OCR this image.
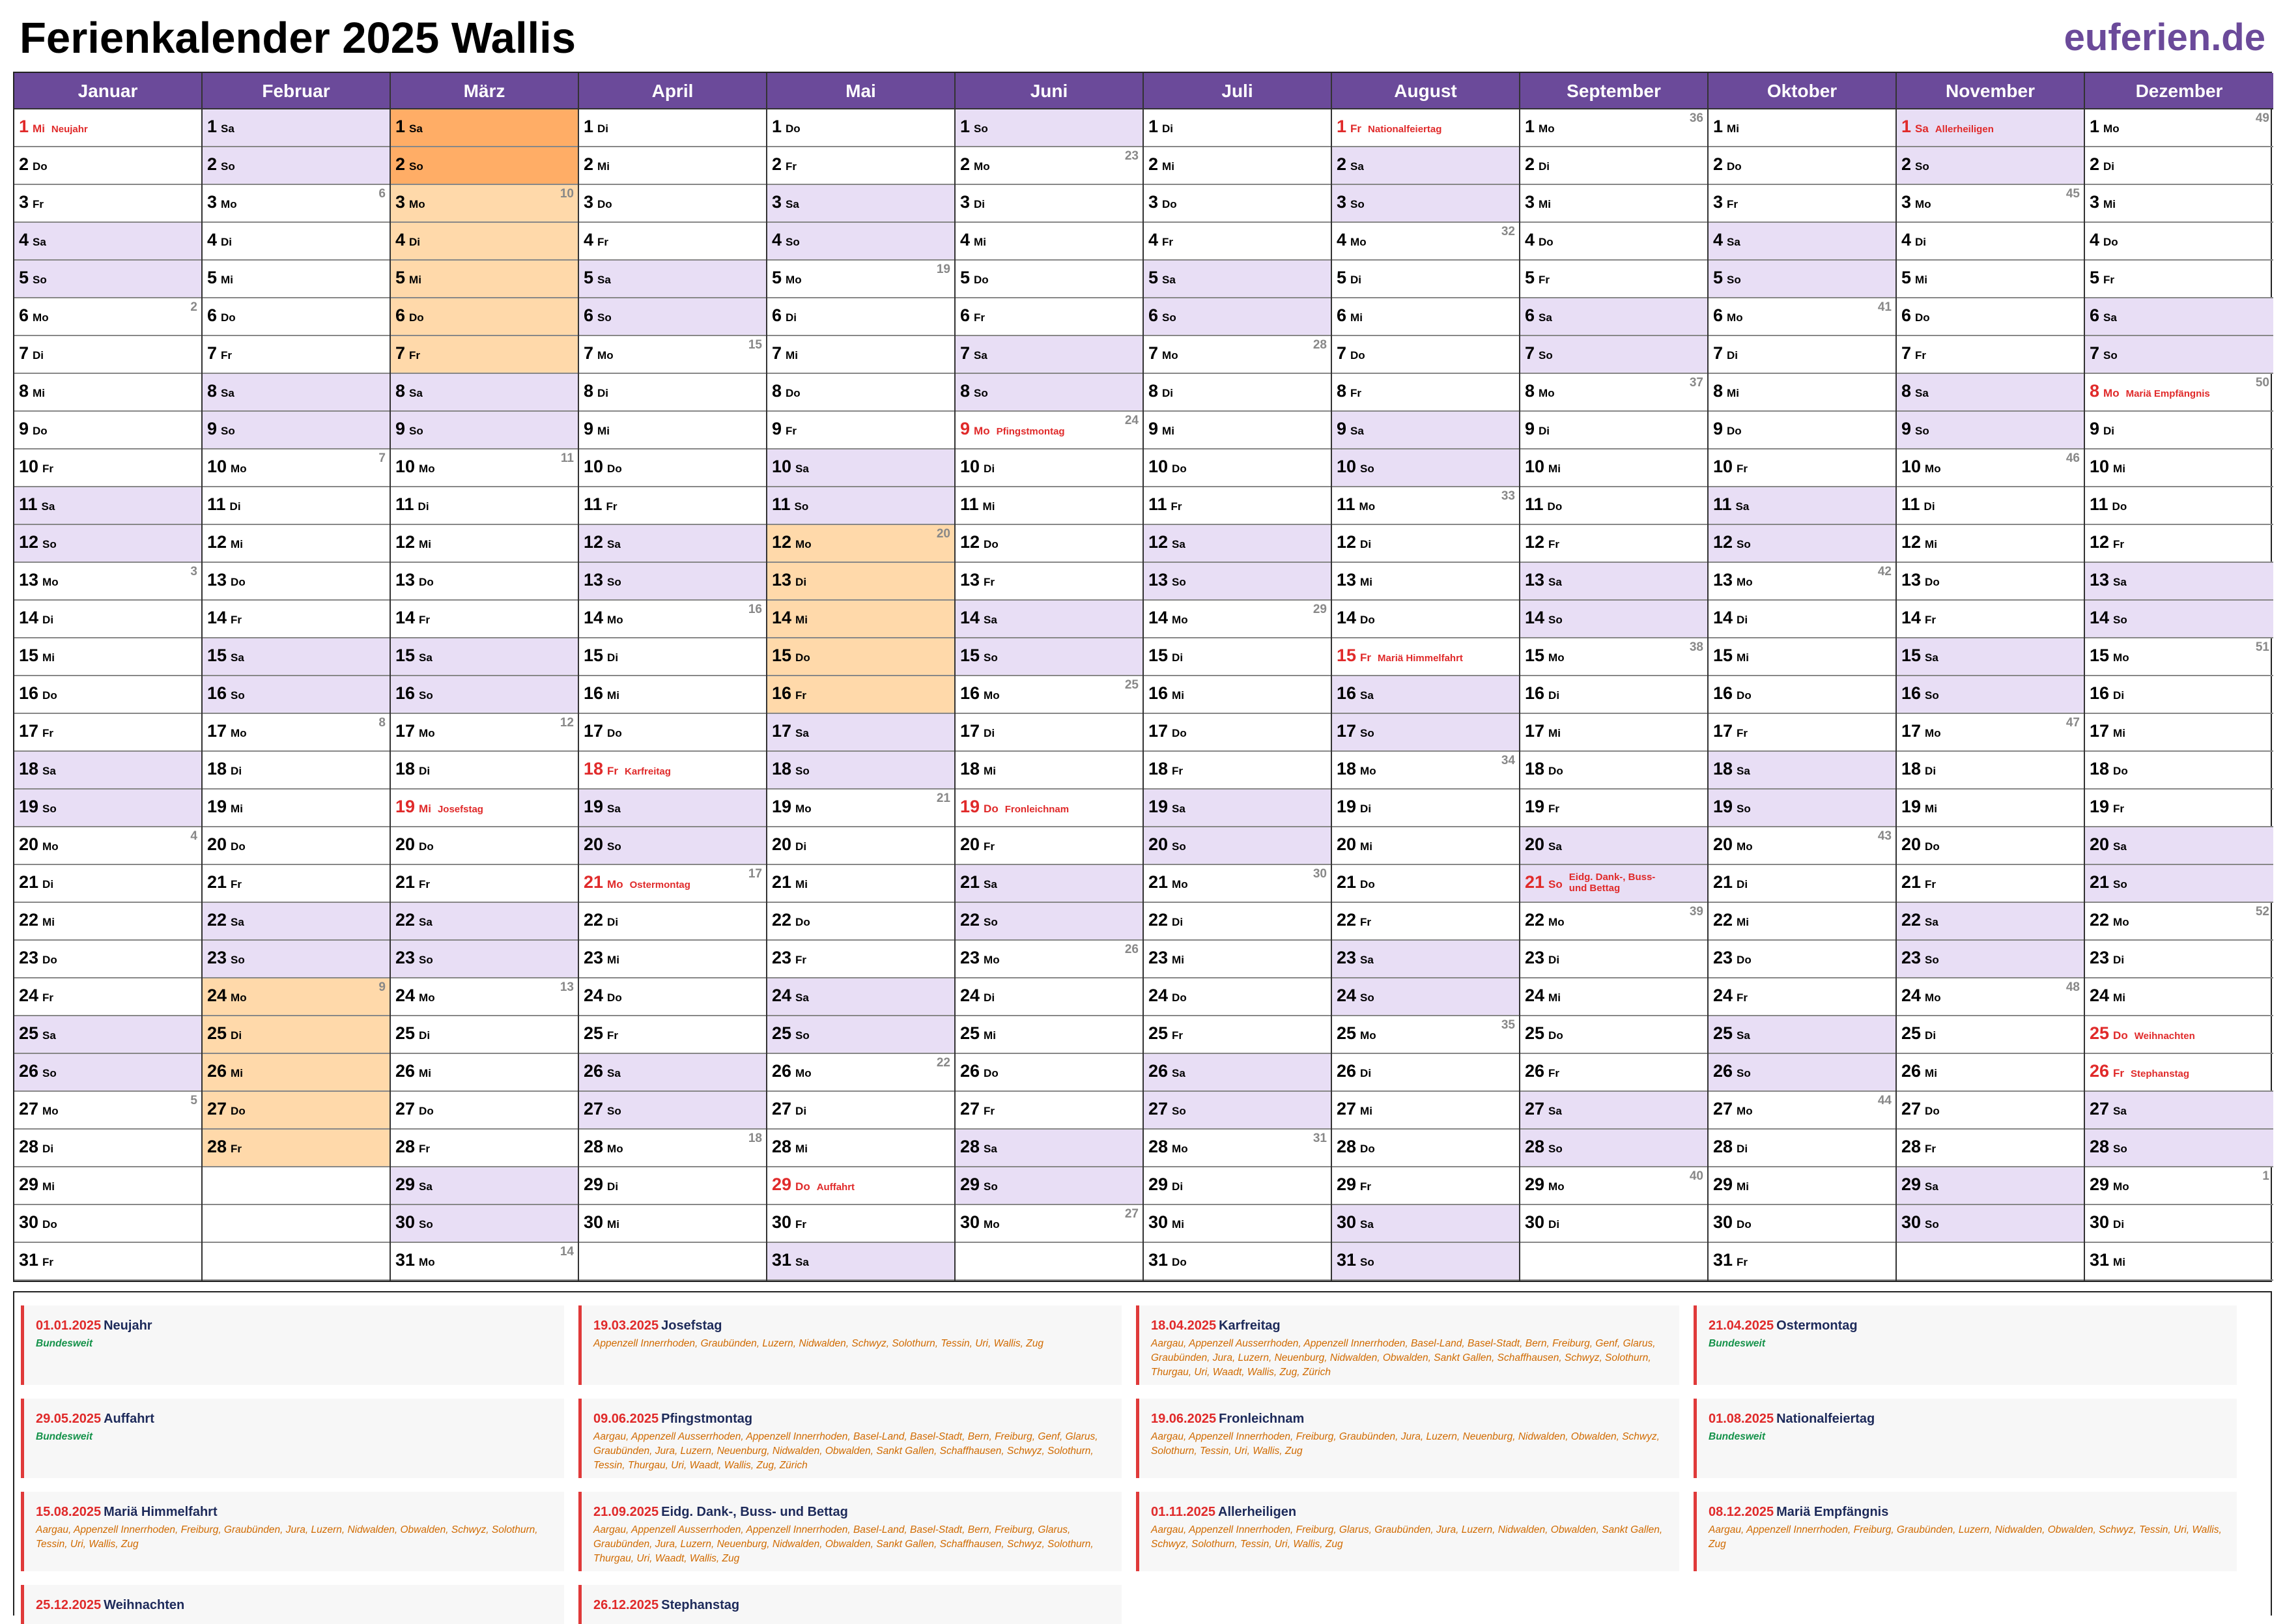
Ferienkalender 2025 Wallis	euferien.de
Januar
1 Mi Neujahr
2 Do
3 Fr
4 Sa
5 So
6 Mo
2
7 Di
8 Mi
9 Do
10 Fr
11 Sa
12 So
13 Mo
3
14 Di
15 Mi
16 Do
17 Fr
18 Sa
19 So
20 Mo
4
21 Di
22 Mi
23 Do
24 Fr
25 Sa
26 So
27 Mo
5
28 Di
29 Mi
30 Do
31 Fr
Februar
1 Sa
2 So
3 Mo
6
4 Di
5 Mi
6 Do
7 Fr
8 Sa
9 So
10 Mo
7
11 Di
12 Mi
13 Do
14 Fr
15 Sa
16 So
17 Mo
8
18 Di
19 Mi
20 Do
21 Fr
22 Sa
23 So
24 Mo
9
25 Di
26 Mi
27 Do
28 Fr
März
1 Sa
2 So
3 Mo
10
4 Di
5 Mi
6 Do
7 Fr
8 Sa
9 So
10 Mo
11
11 Di
12 Mi
13 Do
14 Fr
15 Sa
16 So
17 Mo
12
18 Di
19 Mi Josefstag
20 Do
21 Fr
22 Sa
23 So
24 Mo
13
25 Di
26 Mi
27 Do
28 Fr
29 Sa
30 So
31 Mo
14
April
1 Di
2 Mi
3 Do
4 Fr
5 Sa
6 So
7 Mo
15
8 Di
9 Mi
10 Do
11 Fr
12 Sa
13 So
14 Mo
16
15 Di
16 Mi
17 Do
18 Fr Karfreitag
19 Sa
20 So
21 Mo Ostermontag
17
22 Di
23 Mi
24 Do
25 Fr
26 Sa
27 So
28 Mo
18
29 Di
30 Mi
Mai
1 Do
2 Fr
3 Sa
4 So
5 Mo
19
6 Di
7 Mi
8 Do
9 Fr
10 Sa
11 So
12 Mo
20
13 Di
14 Mi
15 Do
16 Fr
17 Sa
18 So
19 Mo
21
20 Di
21 Mi
22 Do
23 Fr
24 Sa
25 So
26 Mo
22
27 Di
28 Mi
29 Do Auffahrt
30 Fr
31 Sa
Juni
1 So
2 Mo
23
3 Di
4 Mi
5 Do
6 Fr
7 Sa
8 So
9 Mo Pfingstmontag
24
10 Di
11 Mi
12 Do
13 Fr
14 Sa
15 So
16 Mo
25
17 Di
18 Mi
19 Do Fronleichnam
20 Fr
21 Sa
22 So
23 Mo
26
24 Di
25 Mi
26 Do
27 Fr
28 Sa
29 So
30 Mo
27
Juli
1 Di
2 Mi
3 Do
4 Fr
5 Sa
6 So
7 Mo
28
8 Di
9 Mi
10 Do
11 Fr
12 Sa
13 So
14 Mo
29
15 Di
16 Mi
17 Do
18 Fr
19 Sa
20 So
21 Mo
30
22 Di
23 Mi
24 Do
25 Fr
26 Sa
27 So
28 Mo
31
29 Di
30 Mi
31 Do
August
1 Fr Nationalfeiertag
2 Sa
3 So
4 Mo
32
5 Di
6 Mi
7 Do
8 Fr
9 Sa
10 So
11 Mo
33
12 Di
13 Mi
14 Do
15 Fr Mariä Himmelfahrt
16 Sa
17 So
18 Mo
34
19 Di
20 Mi
21 Do
22 Fr
23 Sa
24 So
25 Mo
35
26 Di
27 Mi
28 Do
29 Fr
30 Sa
31 So
September
1 Mo
36
2 Di
3 Mi
4 Do
5 Fr
6 Sa
7 So
8 Mo
37
9 Di
10 Mi
11 Do
12 Fr
13 Sa
14 So
15 Mo
38
16 Di
17 Mi
18 Do
19 Fr
20 Sa
21 SoEidg. Dank-, Buss- und Bettag
22 Mo
39
23 Di
24 Mi
25 Do
26 Fr
27 Sa
28 So
29 Mo
40
30 Di
Oktober
1 Mi
2 Do
3 Fr
4 Sa
5 So
6 Mo
41
7 Di
8 Mi
9 Do
10 Fr
11 Sa
12 So
13 Mo
42
14 Di
15 Mi
16 Do
17 Fr
18 Sa
19 So
20 Mo
43
21 Di
22 Mi
23 Do
24 Fr
25 Sa
26 So
27 Mo
44
28 Di
29 Mi
30 Do
31 Fr
November
1 Sa Allerheiligen
2 So
3 Mo
45
4 Di
5 Mi
6 Do
7 Fr
8 Sa
9 So
10 Mo
46
11 Di
12 Mi
13 Do
14 Fr
15 Sa
16 So
17 Mo
47
18 Di
19 Mi
20 Do
21 Fr
22 Sa
23 So
24 Mo
48
25 Di
26 Mi
27 Do
28 Fr
29 Sa
30 So
Dezember
1 Mo
49
2 Di
3 Mi
4 Do
5 Fr
6 Sa
7 So
8 Mo Mariä Empfängnis
50
9 Di
10 Mi
11 Do
12 Fr
13 Sa
14 So
15 Mo
51
16 Di
17 Mi
18 Do
19 Fr
20 Sa
21 So
22 Mo
52
23 Di
24 Mi
25 Do Weihnachten
26 Fr Stephanstag
27 Sa
28 So
29 Mo
1
30 Di
31 Mi
01.01.2025 Neujahr
Bundesweit
19.03.2025 Josefstag
Appenzell Innerrhoden, Graubünden, Luzern, Nidwalden, Schwyz, Solothurn, Tessin, Uri, Wallis, Zug
18.04.2025 Karfreitag
Aargau, Appenzell Ausserrhoden, Appenzell Innerrhoden, Basel-Land, Basel-Stadt, Bern, Freiburg, Genf, Glarus, Graubünden, Jura, Luzern, Neuenburg, Nidwalden, Obwalden, Sankt Gallen, Schaffhausen, Schwyz, Solothurn, Thurgau, Uri, Waadt, Wallis, Zug, Zürich
21.04.2025 Ostermontag
Bundesweit
29.05.2025 Auffahrt
Bundesweit
09.06.2025 Pfingstmontag
Aargau, Appenzell Ausserrhoden, Appenzell Innerrhoden, Basel-Land, Basel-Stadt, Bern, Freiburg, Genf, Glarus, Graubünden, Jura, Luzern, Neuenburg, Nidwalden, Obwalden, Sankt Gallen, Schaffhausen, Schwyz, Solothurn, Tessin, Thurgau, Uri, Waadt, Wallis, Zug, Zürich
19.06.2025 Fronleichnam
Aargau, Appenzell Innerrhoden, Freiburg, Graubünden, Jura, Luzern, Neuenburg, Nidwalden, Obwalden, Schwyz, Solothurn, Tessin, Uri, Wallis, Zug
01.08.2025 Nationalfeiertag
Bundesweit
15.08.2025 Mariä Himmelfahrt
Aargau, Appenzell Innerrhoden, Freiburg, Graubünden, Jura, Luzern, Nidwalden, Obwalden, Schwyz, Solothurn, Tessin, Uri, Wallis, Zug
21.09.2025 Eidg. Dank-, Buss- und Bettag
Aargau, Appenzell Ausserrhoden, Appenzell Innerrhoden, Basel-Land, Basel-Stadt, Bern, Freiburg, Glarus, Graubünden, Jura, Luzern, Neuenburg, Nidwalden, Obwalden, Sankt Gallen, Schaffhausen, Schwyz, Solothurn, Thurgau, Uri, Waadt, Wallis, Zug
01.11.2025 Allerheiligen
Aargau, Appenzell Innerrhoden, Freiburg, Glarus, Graubünden, Jura, Luzern, Nidwalden, Obwalden, Sankt Gallen, Schwyz, Solothurn, Tessin, Uri, Wallis, Zug
08.12.2025 Mariä Empfängnis
Aargau, Appenzell Innerrhoden, Freiburg, Graubünden, Luzern, Nidwalden, Obwalden, Schwyz, Tessin, Uri, Wallis, Zug
25.12.2025 Weihnachten	26.12.2025 Stephanstag
